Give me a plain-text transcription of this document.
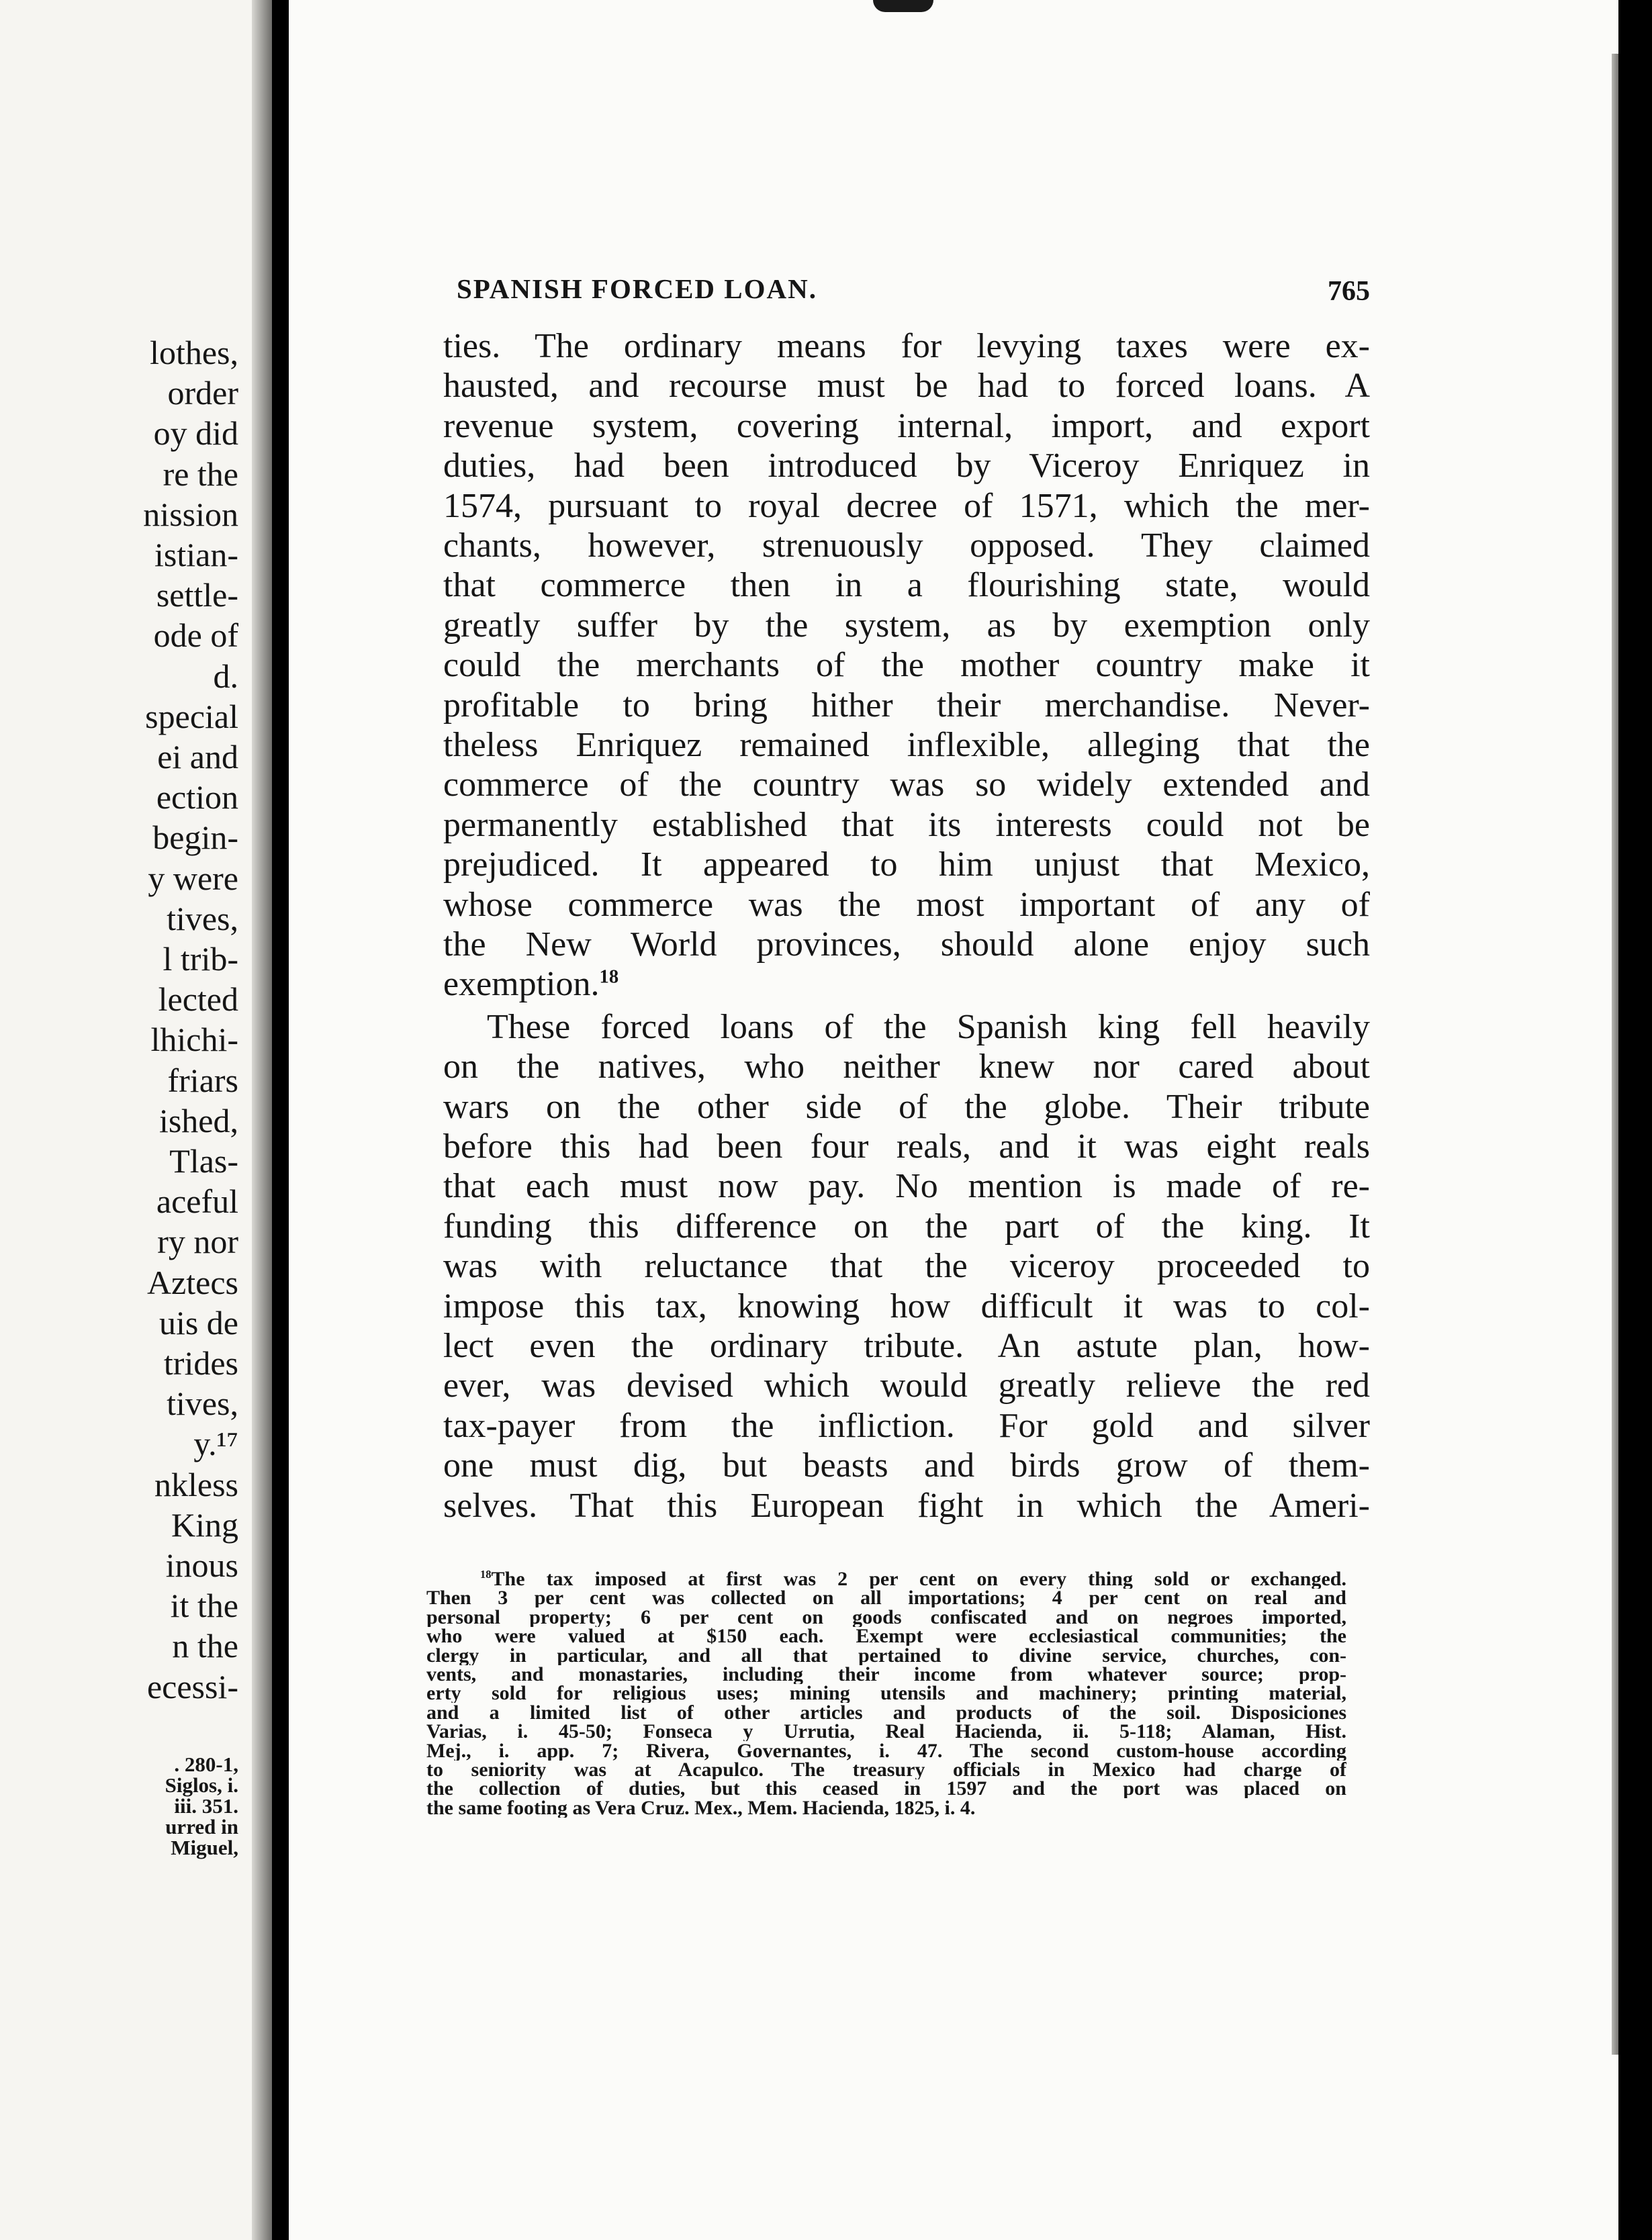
lothes,
order
oy did
re the
nission
istian-
settle-
ode of
d.
special
ei and
ection
begin-
y were
tives,
l trib-
lected
lhichi-
friars
ished,
Tlas-
aceful
ry nor
Aztecs
uis de
trides
tives,
y.¹⁷
nkless
King
inous
it the
n the
ecessi-
. 280-1,
Siglos, i.
iii. 351.
urred in
Miguel,
SPANISH FORCED LOAN.	765
ties. The ordinary means for levying taxes were ex-
hausted, and recourse must be had to forced loans. A
revenue system, covering internal, import, and export
duties, had been introduced by Viceroy Enriquez in
1574, pursuant to royal decree of 1571, which the mer-
chants, however, strenuously opposed. They claimed
that commerce then in a flourishing state, would
greatly suffer by the system, as by exemption only
could the merchants of the mother country make it
profitable to bring hither their merchandise. Never-
theless Enriquez remained inflexible, alleging that the
commerce of the country was so widely extended and
permanently established that its interests could not be
prejudiced. It appeared to him unjust that Mexico,
whose commerce was the most important of any of
the New World provinces, should alone enjoy such
exemption.$^{18}$
These forced loans of the Spanish king fell heavily
on the natives, who neither knew nor cared about
wars on the other side of the globe. Their tribute
before this had been four reals, and it was eight reals
that each must now pay. No mention is made of re-
funding this difference on the part of the king. It
was with reluctance that the viceroy proceeded to
impose this tax, knowing how difficult it was to col-
lect even the ordinary tribute. An astute plan, how-
ever, was devised which would greatly relieve the red
tax-payer from the infliction. For gold and silver
one must dig, but beasts and birds grow of them-
selves. That this European fight in which the Ameri-
$^{18}$The tax imposed at first was 2 per cent on every thing sold or exchanged.
Then 3 per cent was collected on all importations; 4 per cent on real and
personal property; 6 per cent on goods confiscated and on negroes imported,
who were valued at $150 each. Exempt were ecclesiastical communities; the
clergy in particular, and all that pertained to divine service, churches, con-
vents, and monastaries, including their income from whatever source; prop-
erty sold for religious uses; mining utensils and machinery; printing material,
and a limited list of other articles and products of the soil. Disposiciones
Varias, i. 45-50; Fonseca y Urrutia, Real Hacienda, ii. 5-118; Alaman, Hist.
Mej., i. app. 7; Rivera, Governantes, i. 47. The second custom-house according
to seniority was at Acapulco. The treasury officials in Mexico had charge of
the collection of duties, but this ceased in 1597 and the port was placed on
the same footing as Vera Cruz. Mex., Mem. Hacienda, 1825, i. 4.
